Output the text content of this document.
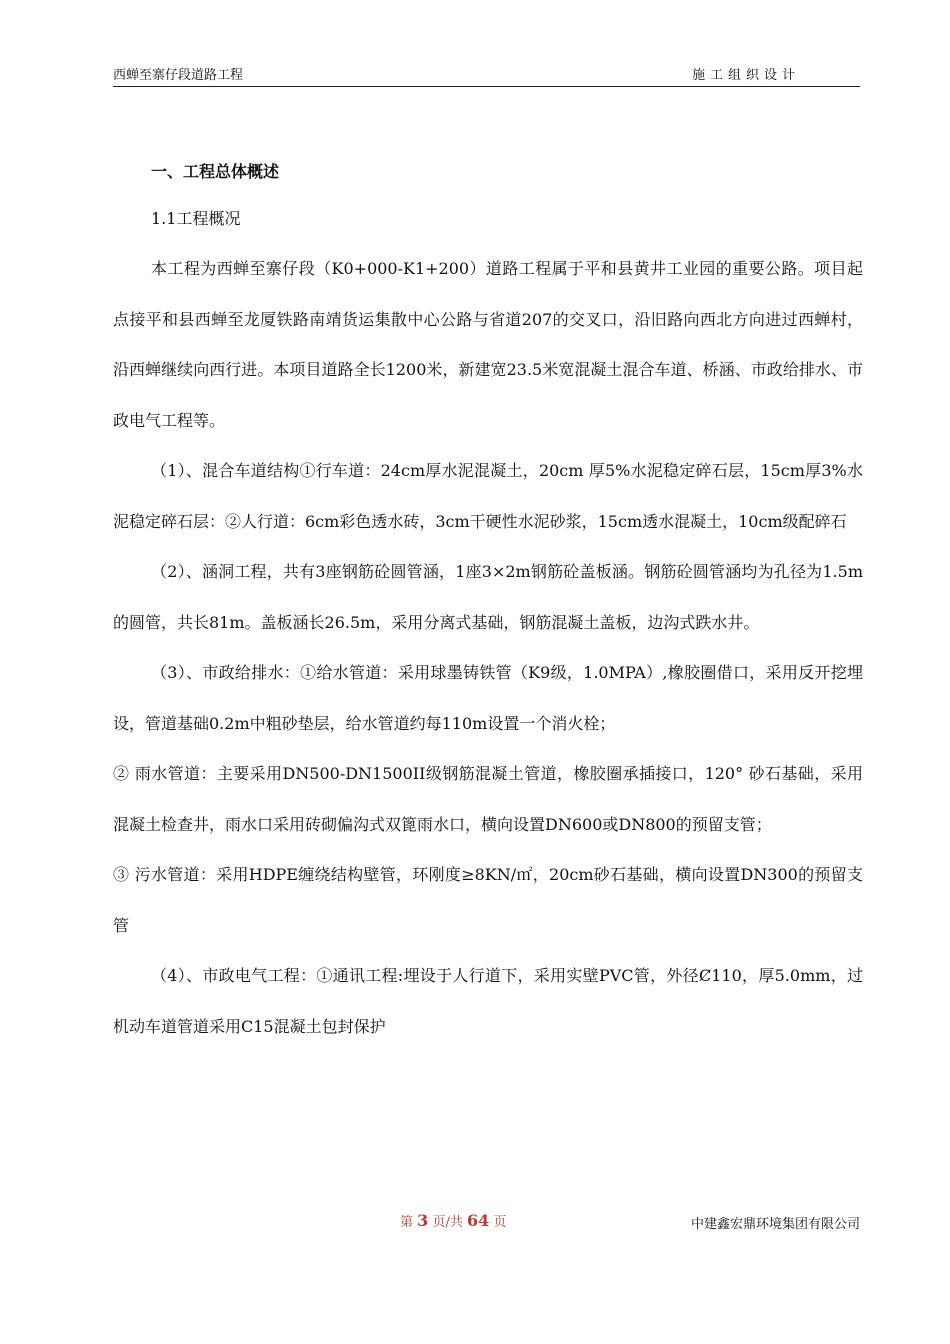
西蝉至寨仔段道路工程	施工组织设计
一、工程总体概述
1.1工程概况

本工程为西蝉至寨仔段（K0+000-K1+200）道路工程属于平和县黄井工业园的重要公路。项目起点接平和县西蝉至龙厦铁路南靖货运集散中心公路与省道207的交叉口，沿旧路向西北方向进过西蝉村，沿西蝉继续向西行进。本项目道路全长1200米，新建宽23.5米宽混凝土混合车道、桥涵、市政给排水、市政电气工程等。

（1）、混合车道结构①行车道：24cm厚水泥混凝土，20cm 厚5%水泥稳定碎石层，15cm厚3%水泥稳定碎石层：②人行道：6cm彩色透水砖，3cm干硬性水泥砂浆，15cm透水混凝土，10cm级配碎石

（2）、涵洞工程，共有3座钢筋砼圆管涵，1座3×2m钢筋砼盖板涵。钢筋砼圆管涵均为孔径为1.5m的圆管，共长81m。盖板涵长26.5m，采用分离式基础，钢筋混凝土盖板，边沟式跌水井。

（3）、市政给排水：①给水管道：采用球墨铸铁管（K9级，1.0MPA）,橡胶圈借口，采用反开挖埋设，管道基础0.2m中粗砂垫层，给水管道约每110m设置一个消火栓；

② 雨水管道：主要采用DN500-DN1500II级钢筋混凝土管道，橡胶圈承插接口，120° 砂石基础，采用混凝土检查井，雨水口采用砖砌偏沟式双篦雨水口，横向设置DN600或DN800的预留支管；

③ 污水管道：采用HDPE缠绕结构壁管，环刚度≥8KN/㎡，20cm砂石基础，横向设置DN300的预留支管

（4）、市政电气工程：①通讯工程:埋设于人行道下，采用实壁PVC管，外径Ȼ110，厚5.0mm，过机动车道管道采用C15混凝土包封保护

第 3 页/共 64 页	中建鑫宏鼎环境集团有限公司
